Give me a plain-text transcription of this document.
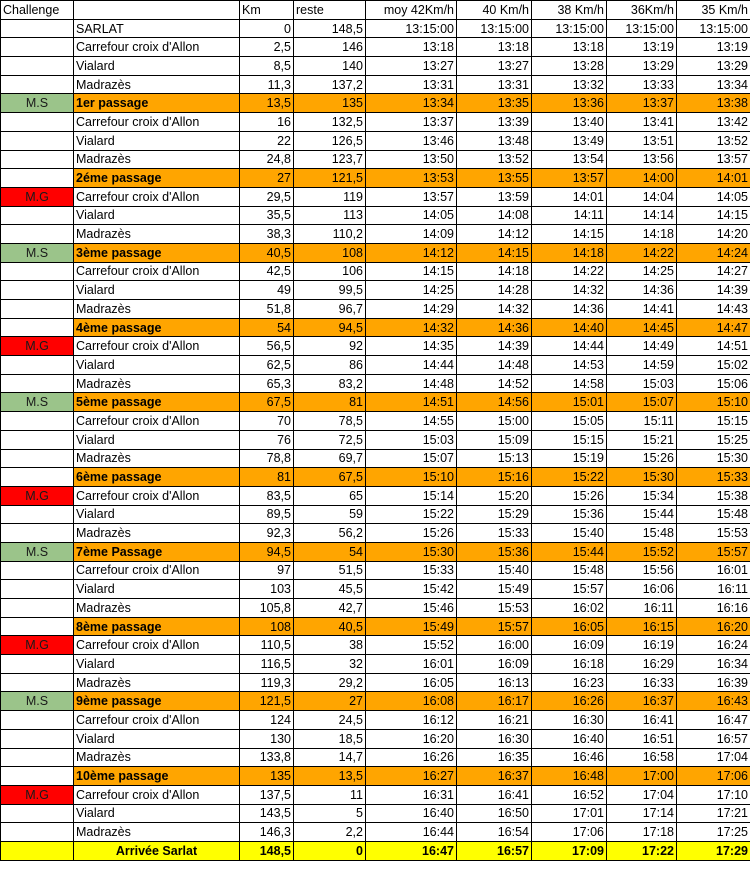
Challenge		Km	reste	moy 42Km/h	40 Km/h	38 Km/h	36Km/h	35 Km/h
	SARLAT	0	148,5	13:15:00	13:15:00	13:15:00	13:15:00	13:15:00
	Carrefour croix d'Allon	2,5	146	13:18	13:18	13:18	13:19	13:19
	Vialard	8,5	140	13:27	13:27	13:28	13:29	13:29
	Madrazès	11,3	137,2	13:31	13:31	13:32	13:33	13:34
M.S	1er passage	13,5	135	13:34	13:35	13:36	13:37	13:38
	Carrefour croix d'Allon	16	132,5	13:37	13:39	13:40	13:41	13:42
	Vialard	22	126,5	13:46	13:48	13:49	13:51	13:52
	Madrazès	24,8	123,7	13:50	13:52	13:54	13:56	13:57
	2éme passage	27	121,5	13:53	13:55	13:57	14:00	14:01
M.G	Carrefour croix d'Allon	29,5	119	13:57	13:59	14:01	14:04	14:05
	Vialard	35,5	113	14:05	14:08	14:11	14:14	14:15
	Madrazès	38,3	110,2	14:09	14:12	14:15	14:18	14:20
M.S	3ème passage	40,5	108	14:12	14:15	14:18	14:22	14:24
	Carrefour croix d'Allon	42,5	106	14:15	14:18	14:22	14:25	14:27
	Vialard	49	99,5	14:25	14:28	14:32	14:36	14:39
	Madrazès	51,8	96,7	14:29	14:32	14:36	14:41	14:43
	4ème passage	54	94,5	14:32	14:36	14:40	14:45	14:47
M.G	Carrefour croix d'Allon	56,5	92	14:35	14:39	14:44	14:49	14:51
	Vialard	62,5	86	14:44	14:48	14:53	14:59	15:02
	Madrazès	65,3	83,2	14:48	14:52	14:58	15:03	15:06
M.S	5ème passage	67,5	81	14:51	14:56	15:01	15:07	15:10
	Carrefour croix d'Allon	70	78,5	14:55	15:00	15:05	15:11	15:15
	Vialard	76	72,5	15:03	15:09	15:15	15:21	15:25
	Madrazès	78,8	69,7	15:07	15:13	15:19	15:26	15:30
	6ème passage	81	67,5	15:10	15:16	15:22	15:30	15:33
M.G	Carrefour croix d'Allon	83,5	65	15:14	15:20	15:26	15:34	15:38
	Vialard	89,5	59	15:22	15:29	15:36	15:44	15:48
	Madrazès	92,3	56,2	15:26	15:33	15:40	15:48	15:53
M.S	7ème Passage	94,5	54	15:30	15:36	15:44	15:52	15:57
	Carrefour croix d'Allon	97	51,5	15:33	15:40	15:48	15:56	16:01
	Vialard	103	45,5	15:42	15:49	15:57	16:06	16:11
	Madrazès	105,8	42,7	15:46	15:53	16:02	16:11	16:16
	8ème passage	108	40,5	15:49	15:57	16:05	16:15	16:20
M.G	Carrefour croix d'Allon	110,5	38	15:52	16:00	16:09	16:19	16:24
	Vialard	116,5	32	16:01	16:09	16:18	16:29	16:34
	Madrazès	119,3	29,2	16:05	16:13	16:23	16:33	16:39
M.S	9ème passage	121,5	27	16:08	16:17	16:26	16:37	16:43
	Carrefour croix d'Allon	124	24,5	16:12	16:21	16:30	16:41	16:47
	Vialard	130	18,5	16:20	16:30	16:40	16:51	16:57
	Madrazès	133,8	14,7	16:26	16:35	16:46	16:58	17:04
	10ème passage	135	13,5	16:27	16:37	16:48	17:00	17:06
M.G	Carrefour croix d'Allon	137,5	11	16:31	16:41	16:52	17:04	17:10
	Vialard	143,5	5	16:40	16:50	17:01	17:14	17:21
	Madrazès	146,3	2,2	16:44	16:54	17:06	17:18	17:25
	Arrivée Sarlat	148,5	0	16:47	16:57	17:09	17:22	17:29
